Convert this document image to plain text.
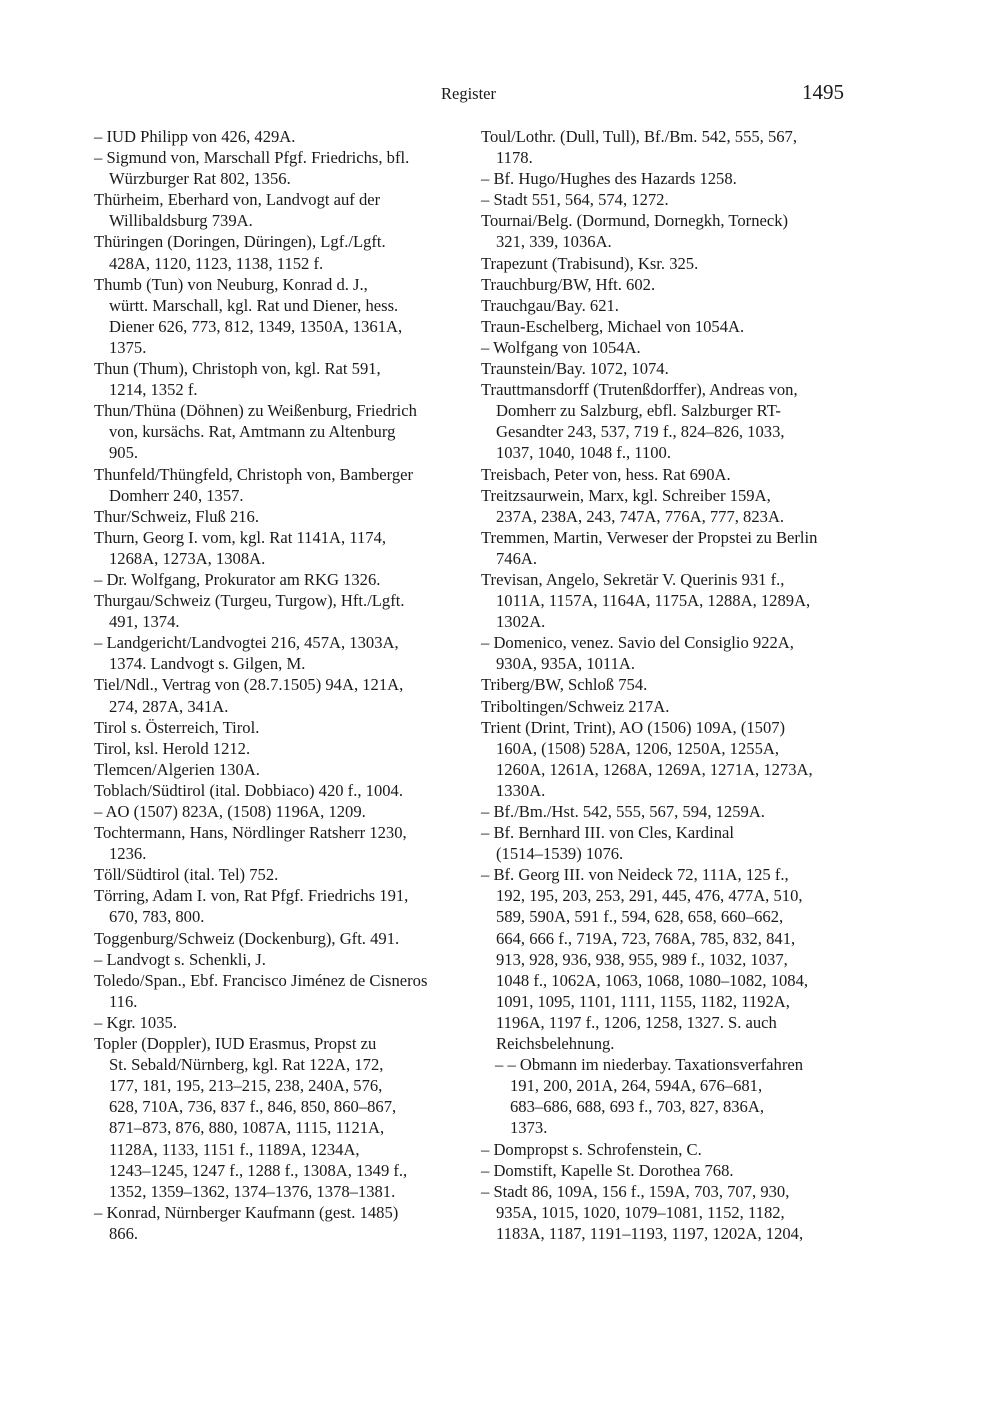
Register	1495
– IUD Philipp von 426, 429A.
– Sigmund von, Marschall Pfgf. Friedrichs, bfl.
Würzburger Rat 802, 1356.
Thürheim, Eberhard von, Landvogt auf der
Willibaldsburg 739A.
Thüringen (Doringen, Düringen), Lgf./Lgft.
428A, 1120, 1123, 1138, 1152 f.
Thumb (Tun) von Neuburg, Konrad d. J.,
württ. Marschall, kgl. Rat und Diener, hess.
Diener 626, 773, 812, 1349, 1350A, 1361A,
1375.
Thun (Thum), Christoph von, kgl. Rat 591,
1214, 1352 f.
Thun/Thüna (Döhnen) zu Weißenburg, Friedrich
von, kursächs. Rat, Amtmann zu Altenburg
905.
Thunfeld/Thüngfeld, Christoph von, Bamberger
Domherr 240, 1357.
Thur/Schweiz, Fluß 216.
Thurn, Georg I. vom, kgl. Rat 1141A, 1174,
1268A, 1273A, 1308A.
– Dr. Wolfgang, Prokurator am RKG 1326.
Thurgau/Schweiz (Turgeu, Turgow), Hft./Lgft.
491, 1374.
– Landgericht/Landvogtei 216, 457A, 1303A,
1374. Landvogt s. Gilgen, M.
Tiel/Ndl., Vertrag von (28.7.1505) 94A, 121A,
274, 287A, 341A.
Tirol s. Österreich, Tirol.
Tirol, ksl. Herold 1212.
Tlemcen/Algerien 130A.
Toblach/Südtirol (ital. Dobbiaco) 420 f., 1004.
– AO (1507) 823A, (1508) 1196A, 1209.
Tochtermann, Hans, Nördlinger Ratsherr 1230,
1236.
Töll/Südtirol (ital. Tel) 752.
Törring, Adam I. von, Rat Pfgf. Friedrichs 191,
670, 783, 800.
Toggenburg/Schweiz (Dockenburg), Gft. 491.
– Landvogt s. Schenkli, J.
Toledo/Span., Ebf. Francisco Jiménez de Cisneros
116.
– Kgr. 1035.
Topler (Doppler), IUD Erasmus, Propst zu
St. Sebald/Nürnberg, kgl. Rat 122A, 172,
177, 181, 195, 213–215, 238, 240A, 576,
628, 710A, 736, 837 f., 846, 850, 860–867,
871–873, 876, 880, 1087A, 1115, 1121A,
1128A, 1133, 1151 f., 1189A, 1234A,
1243–1245, 1247 f., 1288 f., 1308A, 1349 f.,
1352, 1359–1362, 1374–1376, 1378–1381.
– Konrad, Nürnberger Kaufmann (gest. 1485)
866.
Toul/Lothr. (Dull, Tull), Bf./Bm. 542, 555, 567,
1178.
– Bf. Hugo/Hughes des Hazards 1258.
– Stadt 551, 564, 574, 1272.
Tournai/Belg. (Dormund, Dornegkh, Torneck)
321, 339, 1036A.
Trapezunt (Trabisund), Ksr. 325.
Trauchburg/BW, Hft. 602.
Trauchgau/Bay. 621.
Traun-Eschelberg, Michael von 1054A.
– Wolfgang von 1054A.
Traunstein/Bay. 1072, 1074.
Trauttmansdorff (Trutenßdorffer), Andreas von,
Domherr zu Salzburg, ebfl. Salzburger RT-
Gesandter 243, 537, 719 f., 824–826, 1033,
1037, 1040, 1048 f., 1100.
Treisbach, Peter von, hess. Rat 690A.
Treitzsaurwein, Marx, kgl. Schreiber 159A,
237A, 238A, 243, 747A, 776A, 777, 823A.
Tremmen, Martin, Verweser der Propstei zu Berlin
746A.
Trevisan, Angelo, Sekretär V. Querinis 931 f.,
1011A, 1157A, 1164A, 1175A, 1288A, 1289A,
1302A.
– Domenico, venez. Savio del Consiglio 922A,
930A, 935A, 1011A.
Triberg/BW, Schloß 754.
Triboltingen/Schweiz 217A.
Trient (Drint, Trint), AO (1506) 109A, (1507)
160A, (1508) 528A, 1206, 1250A, 1255A,
1260A, 1261A, 1268A, 1269A, 1271A, 1273A,
1330A.
– Bf./Bm./Hst. 542, 555, 567, 594, 1259A.
– Bf. Bernhard III. von Cles, Kardinal
(1514–1539) 1076.
– Bf. Georg III. von Neideck 72, 111A, 125 f.,
192, 195, 203, 253, 291, 445, 476, 477A, 510,
589, 590A, 591 f., 594, 628, 658, 660–662,
664, 666 f., 719A, 723, 768A, 785, 832, 841,
913, 928, 936, 938, 955, 989 f., 1032, 1037,
1048 f., 1062A, 1063, 1068, 1080–1082, 1084,
1091, 1095, 1101, 1111, 1155, 1182, 1192A,
1196A, 1197 f., 1206, 1258, 1327. S. auch
Reichsbelehnung.
– – Obmann im niederbay. Taxationsverfahren
191, 200, 201A, 264, 594A, 676–681,
683–686, 688, 693 f., 703, 827, 836A,
1373.
– Dompropst s. Schrofenstein, C.
– Domstift, Kapelle St. Dorothea 768.
– Stadt 86, 109A, 156 f., 159A, 703, 707, 930,
935A, 1015, 1020, 1079–1081, 1152, 1182,
1183A, 1187, 1191–1193, 1197, 1202A, 1204,
